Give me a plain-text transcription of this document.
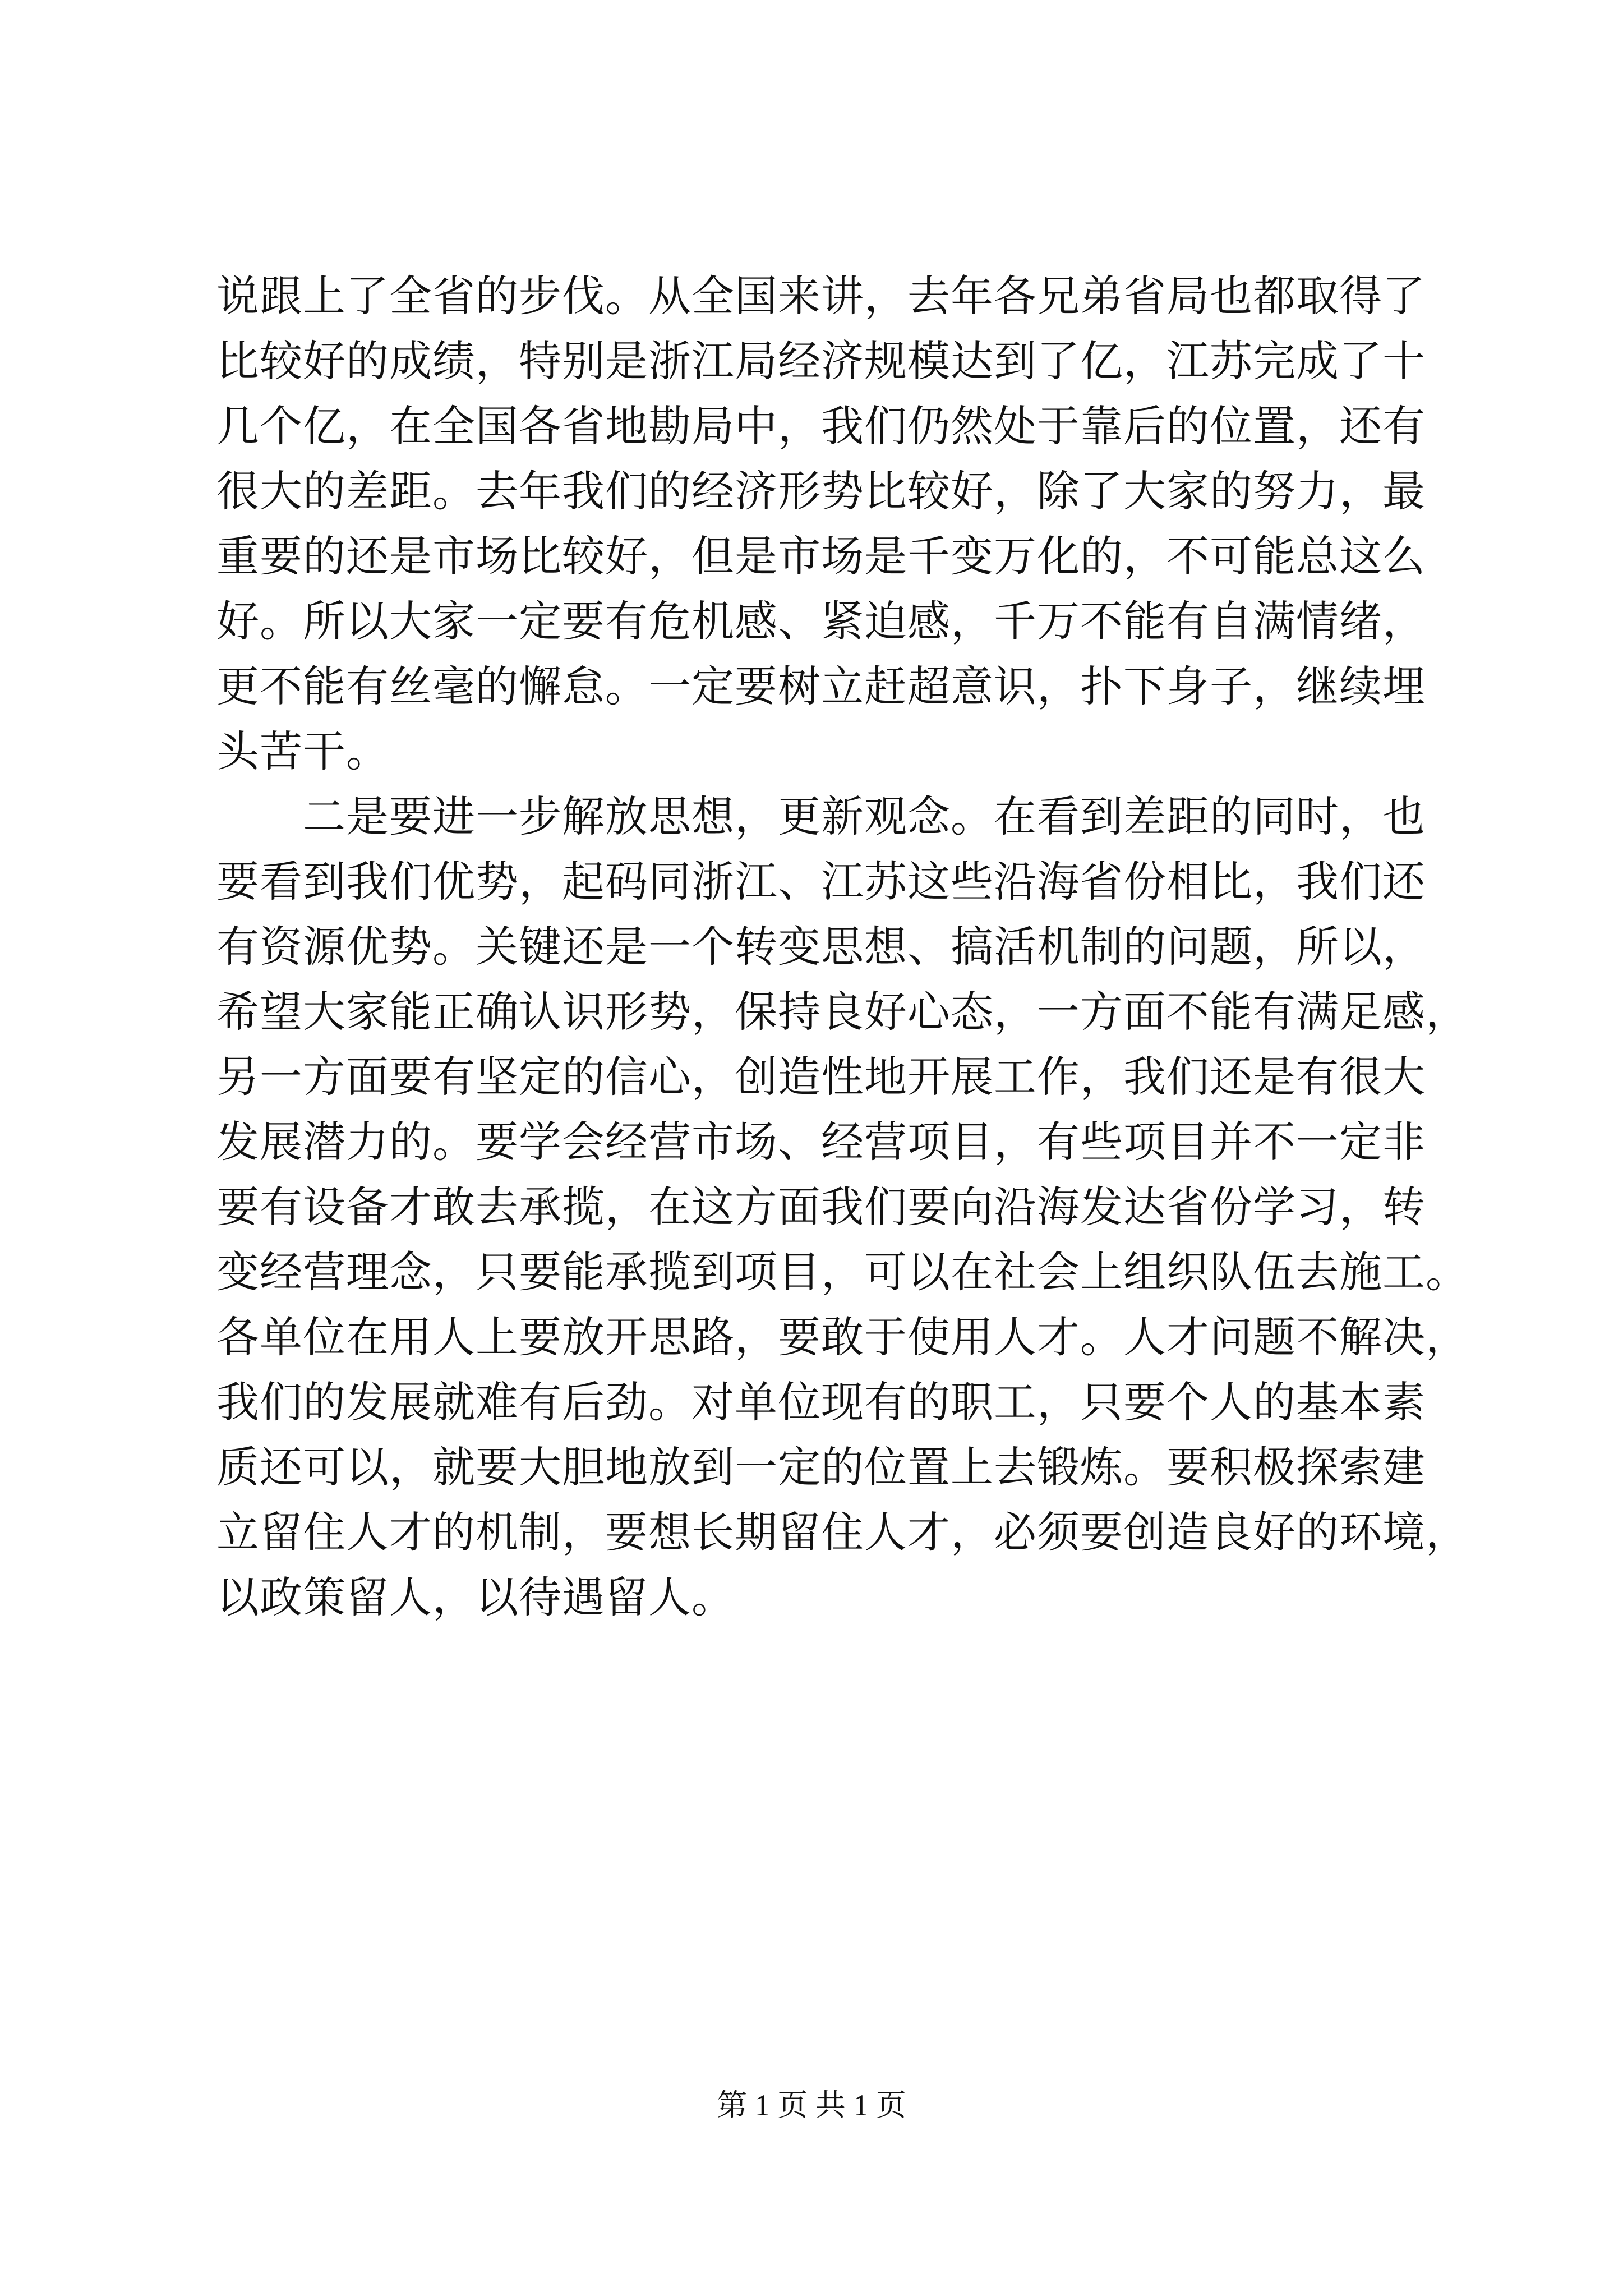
说跟上了全省的步伐。从全国来讲，去年各兄弟省局也都取得了
比较好的成绩，特别是浙江局经济规模达到了亿，江苏完成了十
几个亿，在全国各省地勘局中，我们仍然处于靠后的位置，还有
很大的差距。去年我们的经济形势比较好，除了大家的努力，最
重要的还是市场比较好，但是市场是千变万化的，不可能总这么
好。所以大家一定要有危机感、紧迫感，千万不能有自满情绪，
更不能有丝毫的懈怠。一定要树立赶超意识，扑下身子，继续埋
头苦干。
　　二是要进一步解放思想，更新观念。在看到差距的同时，也
要看到我们优势，起码同浙江、江苏这些沿海省份相比，我们还
有资源优势。关键还是一个转变思想、搞活机制的问题，所以，
希望大家能正确认识形势，保持良好心态，一方面不能有满足感，
另一方面要有坚定的信心，创造性地开展工作，我们还是有很大
发展潜力的。要学会经营市场、经营项目，有些项目并不一定非
要有设备才敢去承揽，在这方面我们要向沿海发达省份学习，转
变经营理念，只要能承揽到项目，可以在社会上组织队伍去施工。
各单位在用人上要放开思路，要敢于使用人才。人才问题不解决，
我们的发展就难有后劲。对单位现有的职工，只要个人的基本素
质还可以，就要大胆地放到一定的位置上去锻炼。要积极探索建
立留住人才的机制，要想长期留住人才，必须要创造良好的环境，
以政策留人，以待遇留人。
第 1 页 共 1 页
